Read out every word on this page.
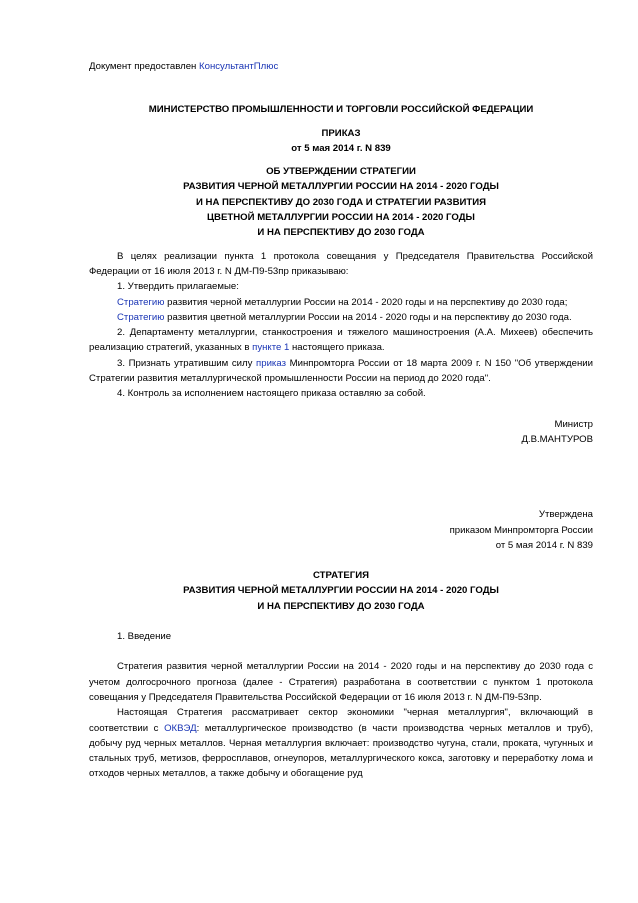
Документ предоставлен КонсультантПлюс

МИНИСТЕРСТВО ПРОМЫШЛЕННОСТИ И ТОРГОВЛИ РОССИЙСКОЙ ФЕДЕРАЦИИ

ПРИКАЗ

от 5 мая 2014 г. N 839

ОБ УТВЕРЖДЕНИИ СТРАТЕГИИ

РАЗВИТИЯ ЧЕРНОЙ МЕТАЛЛУРГИИ РОССИИ НА 2014 - 2020 ГОДЫ

И НА ПЕРСПЕКТИВУ ДО 2030 ГОДА И СТРАТЕГИИ РАЗВИТИЯ

ЦВЕТНОЙ МЕТАЛЛУРГИИ РОССИИ НА 2014 - 2020 ГОДЫ

И НА ПЕРСПЕКТИВУ ДО 2030 ГОДА

В целях реализации пункта 1 протокола совещания у Председателя Правительства Российской Федерации от 16 июля 2013 г. N ДМ-П9-53пр приказываю:

1. Утвердить прилагаемые:

Стратегию развития черной металлургии России на 2014 - 2020 годы и на перспективу до 2030 года;

Стратегию развития цветной металлургии России на 2014 - 2020 годы и на перспективу до 2030 года.

2. Департаменту металлургии, станкостроения и тяжелого машиностроения (А.А. Михеев) обеспечить реализацию стратегий, указанных в пункте 1 настоящего приказа.

3. Признать утратившим силу приказ Минпромторга России от 18 марта 2009 г. N 150 "Об утверждении Стратегии развития металлургической промышленности России на период до 2020 года".

4. Контроль за исполнением настоящего приказа оставляю за собой.

Министр

Д.В.МАНТУРОВ

Утверждена

приказом Минпромторга России

от 5 мая 2014 г. N 839

СТРАТЕГИЯ

РАЗВИТИЯ ЧЕРНОЙ МЕТАЛЛУРГИИ РОССИИ НА 2014 - 2020 ГОДЫ

И НА ПЕРСПЕКТИВУ ДО 2030 ГОДА

1. Введение

Стратегия развития черной металлургии России на 2014 - 2020 годы и на перспективу до 2030 года с учетом долгосрочного прогноза (далее - Стратегия) разработана в соответствии с пунктом 1 протокола совещания у Председателя Правительства Российской Федерации от 16 июля 2013 г. N ДМ-П9-53пр.

Настоящая Стратегия рассматривает сектор экономики "черная металлургия", включающий в соответствии с ОКВЭД: металлургическое производство (в части производства черных металлов и труб), добычу руд черных металлов. Черная металлургия включает: производство чугуна, стали, проката, чугунных и стальных труб, метизов, ферросплавов, огнеупоров, металлургического кокса, заготовку и переработку лома и отходов черных металлов, а также добычу и обогащение руд
